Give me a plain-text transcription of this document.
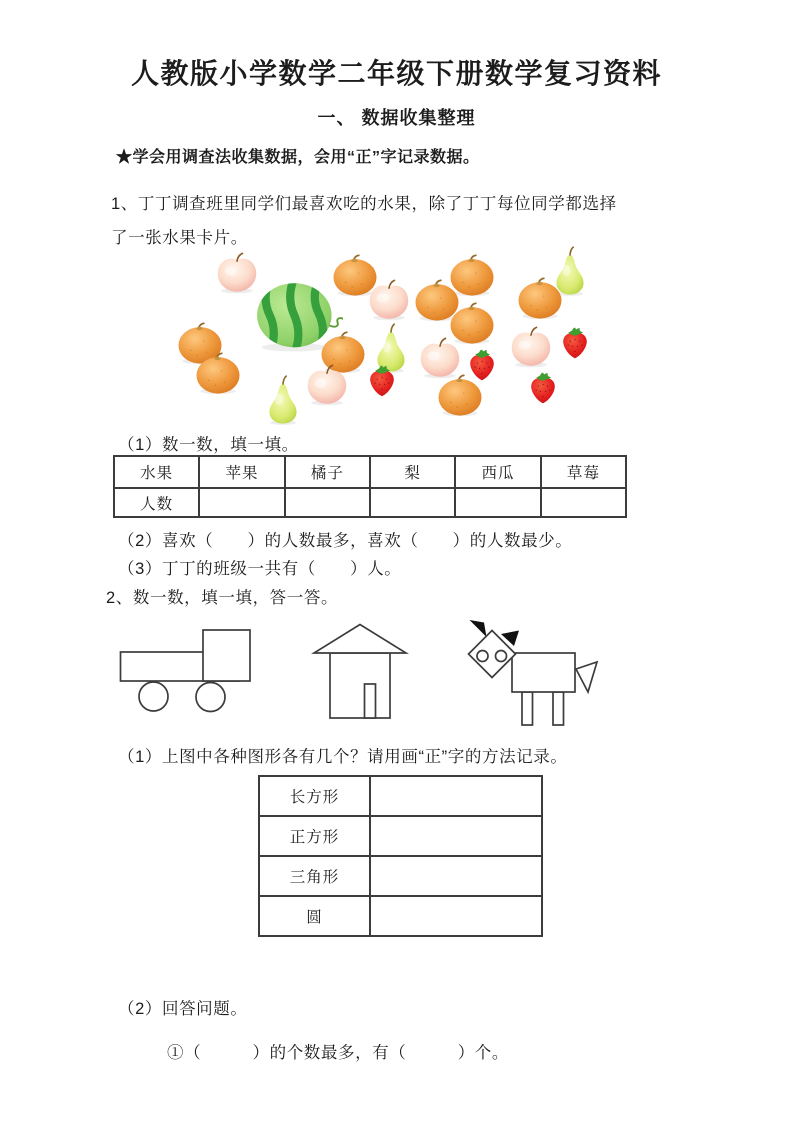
人教版小学数学二年级下册数学复习资料
一、 数据收集整理
★学会用调查法收集数据，会用“正”字记录数据。
1、丁丁调查班里同学们最喜欢吃的水果，除了丁丁每位同学都选择
了一张水果卡片。
（1）数一数，填一填。
水果	苹果	橘子	梨	西瓜	草莓
人数					
（2）喜欢（　　）的人数最多，喜欢（　　）的人数最少。
（3）丁丁的班级一共有（　　）人。
2、数一数，填一填，答一答。
（1）上图中各种图形各有几个？请用画“正”字的方法记录。
长方形	
正方形	
三角形	
圆	
（2）回答问题。
①（　　　）的个数最多，有（　　　）个。
